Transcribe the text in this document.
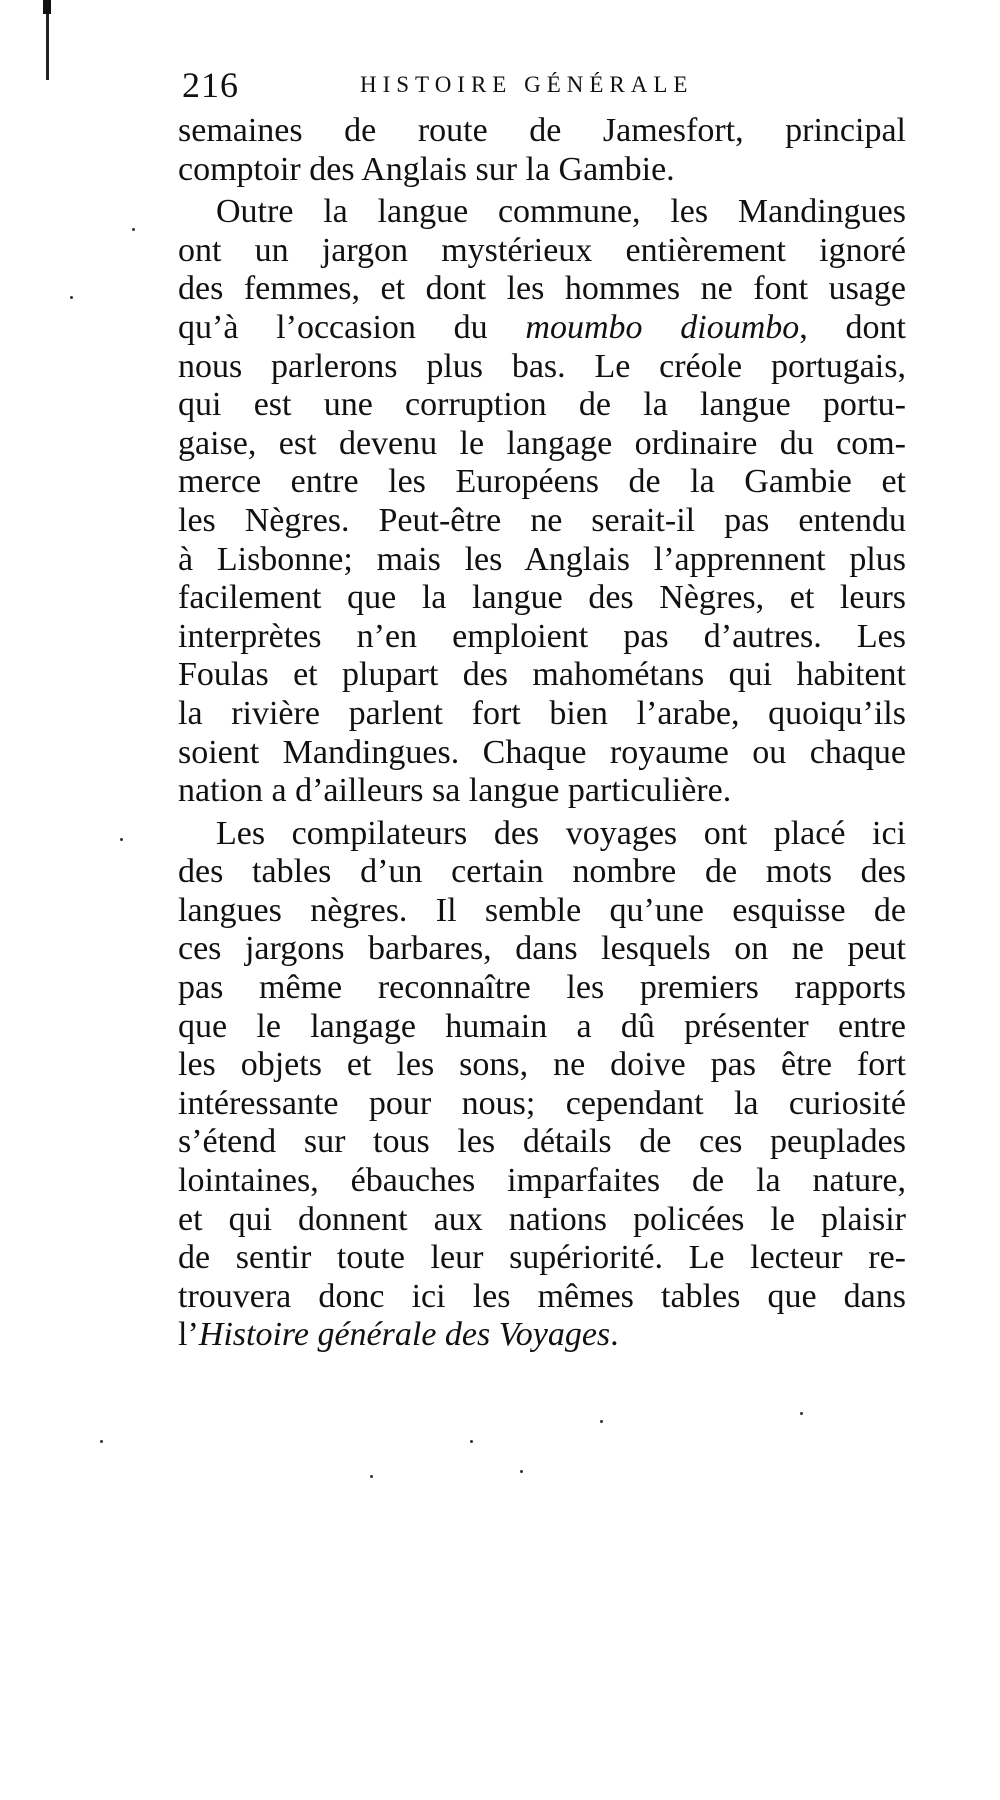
216	HISTOIRE GÉNÉRALE
semaines de route de Jamesfort, principal
comptoir des Anglais sur la Gambie.
Outre la langue commune, les Mandingues
ont un jargon mystérieux entièrement ignoré
des femmes, et dont les hommes ne font usage
qu’à l’occasion du moumbo dioumbo, dont
nous parlerons plus bas. Le créole portugais,
qui est une corruption de la langue portu-
gaise, est devenu le langage ordinaire du com-
merce entre les Européens de la Gambie et
les Nègres. Peut-être ne serait-il pas entendu
à Lisbonne; mais les Anglais l’apprennent plus
facilement que la langue des Nègres, et leurs
interprètes n’en emploient pas d’autres. Les
Foulas et plupart des mahométans qui habitent
la rivière parlent fort bien l’arabe, quoiqu’ils
soient Mandingues. Chaque royaume ou chaque
nation a d’ailleurs sa langue particulière.
Les compilateurs des voyages ont placé ici
des tables d’un certain nombre de mots des
langues nègres. Il semble qu’une esquisse de
ces jargons barbares, dans lesquels on ne peut
pas même reconnaître les premiers rapports
que le langage humain a dû présenter entre
les objets et les sons, ne doive pas être fort
intéressante pour nous; cependant la curiosité
s’étend sur tous les détails de ces peuplades
lointaines, ébauches imparfaites de la nature,
et qui donnent aux nations policées le plaisir
de sentir toute leur supériorité. Le lecteur re-
trouvera donc ici les mêmes tables que dans
l’Histoire générale des Voyages.
